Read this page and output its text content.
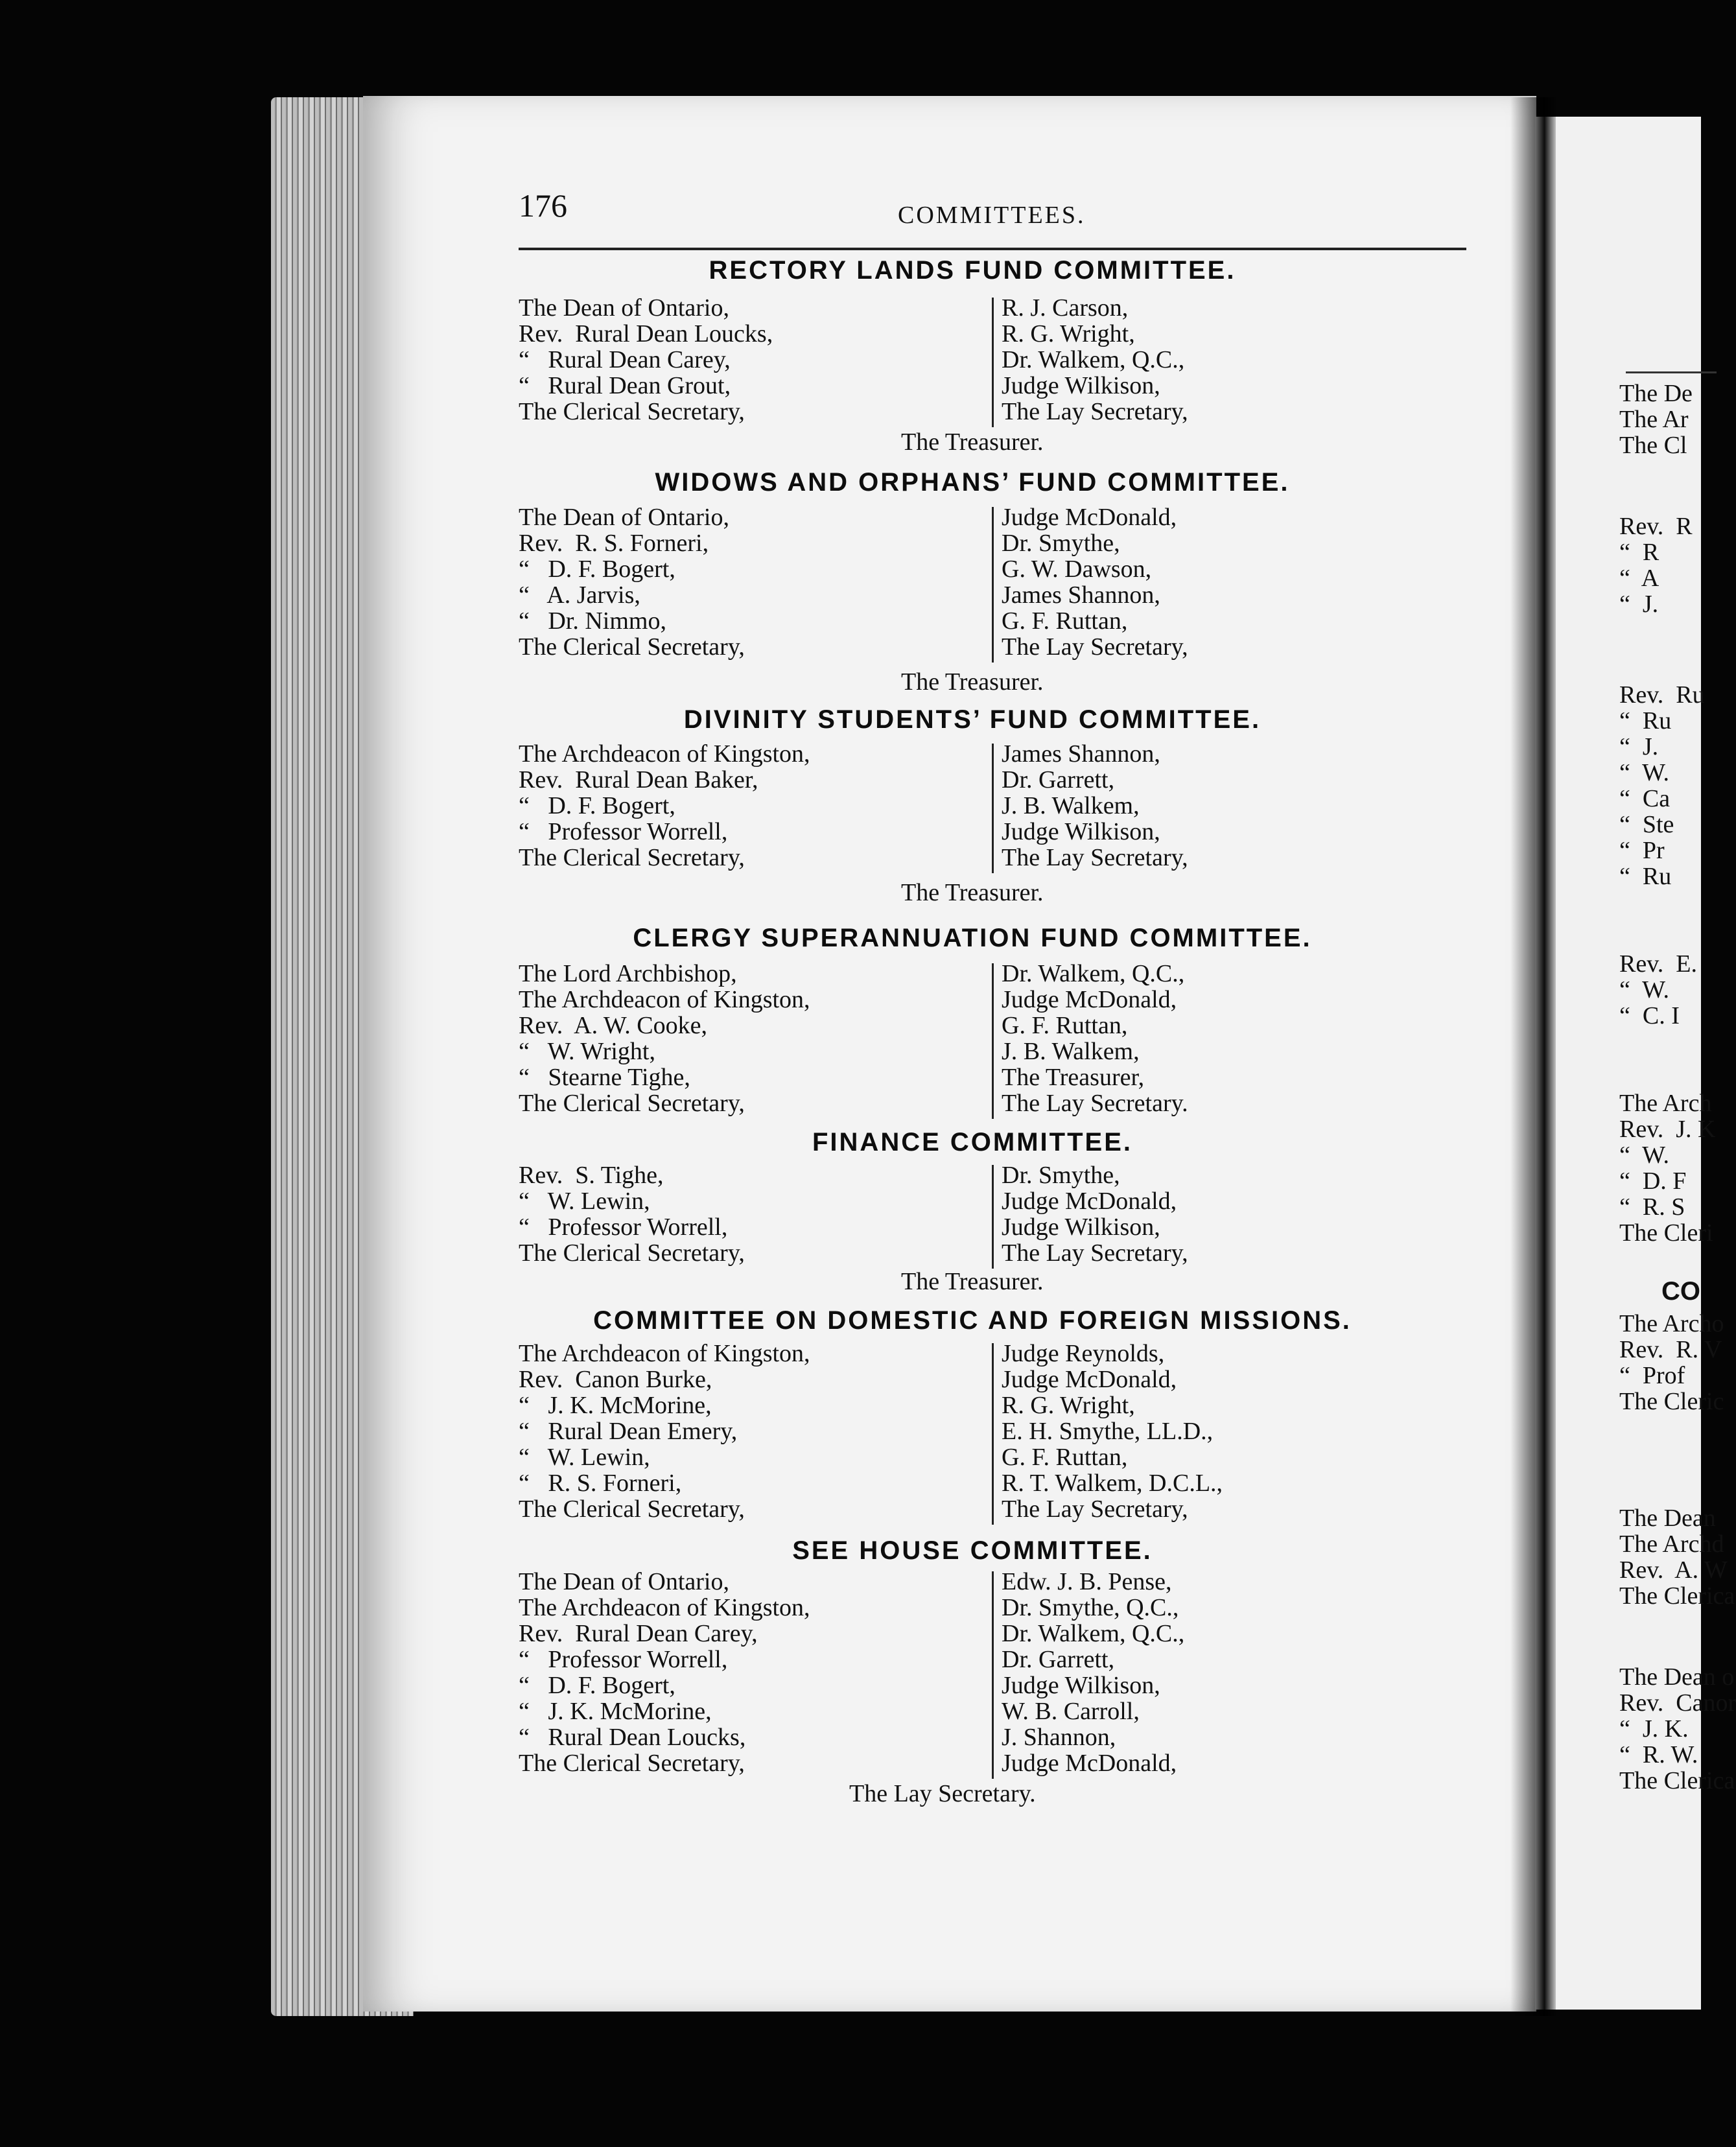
The De
The Ar
The Cl
Rev.  R
“  R
“  A
“  J.
Rev.  Ru
“  Ru
“  J.
“  W.
“  Ca
“  Ste
“  Pr
“  Ru
Rev.  E.
“  W.
“  C. I
The Arch
Rev.  J. K
“  W.
“  D. F
“  R. S
The Cleri
CO
The Archo
Rev.  R. V
“  Prof
The Cleric
The Dean
The Archd
Rev.  A. W
The Clerica
The Dean o
Rev.  Canor
“  J. K.
“  R. W.
The Clerica
176	COMMITTEES.
RECTORY LANDS FUND COMMITTEE.
The Dean of Ontario,
Rev.  Rural Dean Loucks,
“   Rural Dean Carey,
“   Rural Dean Grout,
The Clerical Secretary,
R. J. Carson,
R. G. Wright,
Dr. Walkem, Q.C.,
Judge Wilkison,
The Lay Secretary,
The Treasurer.
WIDOWS AND ORPHANS’ FUND COMMITTEE.
The Dean of Ontario,
Rev.  R. S. Forneri,
“   D. F. Bogert,
“   A. Jarvis,
“   Dr. Nimmo,
The Clerical Secretary,
Judge McDonald,
Dr. Smythe,
G. W. Dawson,
James Shannon,
G. F. Ruttan,
The Lay Secretary,
The Treasurer.
DIVINITY STUDENTS’ FUND COMMITTEE.
The Archdeacon of Kingston,
Rev.  Rural Dean Baker,
“   D. F. Bogert,
“   Professor Worrell,
The Clerical Secretary,
James Shannon,
Dr. Garrett,
J. B. Walkem,
Judge Wilkison,
The Lay Secretary,
The Treasurer.
CLERGY SUPERANNUATION FUND COMMITTEE.
The Lord Archbishop,
The Archdeacon of Kingston,
Rev.  A. W. Cooke,
“   W. Wright,
“   Stearne Tighe,
The Clerical Secretary,
Dr. Walkem, Q.C.,
Judge McDonald,
G. F. Ruttan,
J. B. Walkem,
The Treasurer,
The Lay Secretary.
FINANCE COMMITTEE.
Rev.  S. Tighe,
“   W. Lewin,
“   Professor Worrell,
The Clerical Secretary,
Dr. Smythe,
Judge McDonald,
Judge Wilkison,
The Lay Secretary,
The Treasurer.
COMMITTEE ON DOMESTIC AND FOREIGN MISSIONS.
The Archdeacon of Kingston,
Rev.  Canon Burke,
“   J. K. McMorine,
“   Rural Dean Emery,
“   W. Lewin,
“   R. S. Forneri,
The Clerical Secretary,
Judge Reynolds,
Judge McDonald,
R. G. Wright,
E. H. Smythe, LL.D.,
G. F. Ruttan,
R. T. Walkem, D.C.L.,
The Lay Secretary,
SEE HOUSE COMMITTEE.
The Dean of Ontario,
The Archdeacon of Kingston,
Rev.  Rural Dean Carey,
“   Professor Worrell,
“   D. F. Bogert,
“   J. K. McMorine,
“   Rural Dean Loucks,
The Clerical Secretary,
Edw. J. B. Pense,
Dr. Smythe, Q.C.,
Dr. Walkem, Q.C.,
Dr. Garrett,
Judge Wilkison,
W. B. Carroll,
J. Shannon,
Judge McDonald,
The Lay Secretary.
